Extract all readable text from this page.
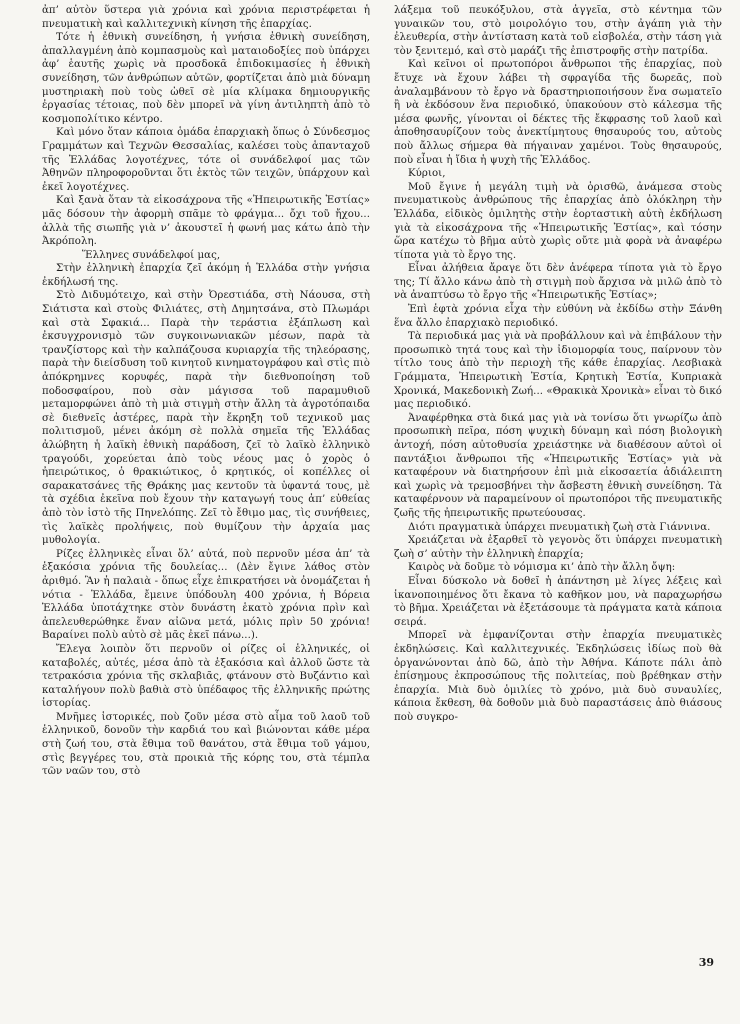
ἀπ’ αὐτὸν ὕστερα γιὰ χρόνια καὶ χρόνια περιστρέφεται ἡ πνευματικὴ καὶ καλλιτεχνικὴ κίνηση τῆς ἐπαρχίας.

Τότε ἡ ἐθνικὴ συνείδηση, ἡ γνήσια ἐθνικὴ συνείδηση, ἀπαλλαγμένη ἀπὸ κομπασμοὺς καὶ ματαιοδοξίες ποὺ ὑπάρχει ἀφ’ ἑαυτῆς χωρὶς νὰ προσδοκᾶ ἐπιδοκιμασίες ἡ ἐθνικὴ συνείδηση, τῶν ἀνθρώπων αὐτῶν, φορτίζεται ἀπὸ μιὰ δύναμη μυστηριακὴ ποὺ τοὺς ὠθεῖ σὲ μία κλίμακα δημιουργικῆς ἐργασίας τέτοιας, ποὺ δὲν μπορεῖ νὰ γίνη ἀντιληπτὴ ἀπὸ τὸ κοσμοπολίτικο κέντρο.

Καὶ μόνο ὅταν κάποια ὁμάδα ἐπαρχιακὴ ὅπως ὁ Σύνδεσμος Γραμμάτων καὶ Τεχνῶν Θεσσαλίας, καλέσει τοὺς ἁπανταχοῦ τῆς Ἑλλάδας λογοτέχνες, τότε οἱ συνάδελφοί μας τῶν Ἀθηνῶν πληροφοροῦνται ὅτι ἐκτὸς τῶν τειχῶν, ὑπάρχουν καὶ ἐκεῖ λογοτέχνες.

Καὶ ξανὰ ὅταν τὰ εἰκοσάχρονα τῆς «Ἠπειρωτικῆς Ἑστίας» μᾶς δόσουν τὴν ἀφορμὴ σπᾶμε τὸ φράγμα... ὄχι τοῦ ἤχου... ἀλλὰ τῆς σιωπῆς γιὰ ν’ ἀκουστεῖ ἡ φωνή μας κάτω ἀπὸ τὴν Ἀκρόπολη.

Ἕλληνες συνάδελφοί μας,

Στὴν ἑλληνικὴ ἐπαρχία ζεῖ ἀκόμη ἡ Ἑλλάδα στὴν γνήσια ἐκδήλωσή της.

Στὸ Διδυμότειχο, καὶ στὴν Ὀρεστιάδα, στὴ Νάουσα, στὴ Σιάτιστα καὶ στοὺς Φιλιάτες, στὴ Δημητσάνα, στὸ Πλωμάρι καὶ στὰ Σφακιά... Παρὰ τὴν τεράστια ἐξάπλωση καὶ ἐκσυγχρονισμὸ τῶν συγκοινωνιακῶν μέσων, παρὰ τὰ τρανζίστορς καὶ τὴν καλπάζουσα κυριαρχία τῆς τηλεόρασης, παρὰ τὴν διείσδυση τοῦ κινητοῦ κινηματογράφου καὶ στὶς πιὸ ἀπόκρημνες κορυφές, παρὰ τὴν διεθνοποίηση τοῦ ποδοσφαίρου, ποὺ σὰν μάγισσα τοῦ παραμυθιοῦ μεταμορφώνει ἀπὸ τὴ μιὰ στιγμὴ στὴν ἄλλη τὰ ἀγροτόπαιδα σὲ διεθνεῖς ἀστέρες, παρὰ τὴν ἔκρηξη τοῦ τεχνικοῦ μας πολιτισμοῦ, μένει ἀκόμη σὲ πολλὰ σημεῖα τῆς Ἑλλάδας ἀλώβητη ἡ λαϊκὴ ἐθνικὴ παράδοση, ζεῖ τὸ λαϊκὸ ἑλληνικὸ τραγούδι, χορεύεται ἀπὸ τοὺς νέους μας ὁ χορὸς ὁ ἠπειρώτικος, ὁ θρακιώτικος, ὁ κρητικός, οἱ κοπέλλες οἱ σαρακατσάνες τῆς Θράκης μας κεντοῦν τὰ ὑφαντά τους, μὲ τὰ σχέδια ἐκεῖνα ποὺ ἔχουν τὴν καταγωγή τους ἀπ’ εὐθείας ἀπὸ τὸν ἱστὸ τῆς Πηνελόπης. Ζεῖ τὸ ἔθιμο μας, τὶς συνήθειες, τὶς λαϊκὲς προλήψεις, ποὺ θυμίζουν τὴν ἀρχαία μας μυθολογία.

Ρίζες ἑλληνικὲς εἶναι ὅλ’ αὐτά, ποὺ περνοῦν μέσα ἀπ’ τὰ ἑξακόσια χρόνια τῆς δουλείας... (Δὲν ἔγινε λάθος στὸν ἀριθμό. Ἂν ἡ παλαιὰ - ὅπως εἶχε ἐπικρατήσει νὰ ὀνομάζεται ἡ νότια - Ἑλλάδα, ἔμεινε ὑπόδουλη 400 χρόνια, ἡ Βόρεια Ἑλλάδα ὑποτάχτηκε στὸν δυνάστη ἑκατὸ χρόνια πρὶν καὶ ἀπελευθερώθηκε ἕναν αἰῶνα μετά, μόλις πρὶν 50 χρόνια! Βαραίνει πολὺ αὐτὸ σὲ μᾶς ἐκεῖ πάνω...).

Ἔλεγα λοιπὸν ὅτι περνοῦν οἱ ρίζες οἱ ἑλληνικές, οἱ καταβολές, αὐτές, μέσα ἀπὸ τὰ ἑξακόσια καὶ ἀλλοῦ ὥστε τὰ τετρακόσια χρόνια τῆς σκλαβιᾶς, φτάνουν στὸ Βυζάντιο καὶ καταλήγουν πολὺ βαθιὰ στὸ ὑπέδαφος τῆς ἑλληνικῆς πρώτης ἱστορίας.

Μνῆμες ἱστορικές, ποὺ ζοῦν μέσα στὸ αἷμα τοῦ λαοῦ τοῦ ἑλληνικοῦ, δονοῦν τὴν καρδιά του καὶ βιώνονται κάθε μέρα στὴ ζωή του, στὰ ἔθιμα τοῦ θανάτου, στὰ ἔθιμα τοῦ γάμου, στὶς βεγγέρες του, στὰ προικιὰ τῆς κόρης του, στὰ τέμπλα τῶν ναῶν του, στὸ

λάξεμα τοῦ πευκόξυλου, στὰ ἀγγεῖα, στὸ κέντημα τῶν γυναικῶν του, στὸ μοιρολόγιο του, στὴν ἀγάπη γιὰ τὴν ἐλευθερία, στὴν ἀντίσταση κατὰ τοῦ εἰσβολέα, στὴν τάση γιὰ τὸν ξενιτεμό, καὶ στὸ μαράζι τῆς ἐπιστροφῆς στὴν πατρίδα.

Καὶ κεῖνοι οἱ πρωτοπόροι ἄνθρωποι τῆς ἐπαρχίας, ποὺ ἔτυχε νὰ ἔχουν λάβει τὴ σφραγίδα τῆς δωρεᾶς, ποὺ ἀναλαμβάνουν τὸ ἔργο νὰ δραστηριοποιήσουν ἕνα σωματεῖο ἢ νὰ ἐκδόσουν ἕνα περιοδικό, ὑπακούουν στὸ κάλεσμα τῆς μέσα φωνῆς, γίνονται οἱ δέκτες τῆς ἔκφρασης τοῦ λαοῦ καὶ ἀποθησαυρίζουν τοὺς ἀνεκτίμητους θησαυρούς του, αὐτοὺς ποὺ ἄλλως σήμερα θὰ πήγαιναν χαμένοι. Τοὺς θησαυρούς, ποὺ εἶναι ἡ ἴδια ἡ ψυχὴ τῆς Ἑλλάδος.

Κύριοι,

Μοῦ ἔγινε ἡ μεγάλη τιμὴ νὰ ὁρισθῶ, ἀνάμεσα στοὺς πνευματικοὺς ἀνθρώπους τῆς ἐπαρχίας ἀπὸ ὁλόκληρη τὴν Ἑλλάδα, εἰδικὸς ὁμιλητὴς στὴν ἑορταστικὴ αὐτὴ ἐκδήλωση γιὰ τὰ εἰκοσάχρονα τῆς «Ἠπειρωτικῆς Ἑστίας», καὶ τόσην ὥρα κατέχω τὸ βῆμα αὐτὸ χωρὶς οὔτε μιὰ φορὰ νὰ ἀναφέρω τίποτα γιὰ τὸ ἔργο της.

Εἶναι ἀλήθεια ἄραγε ὅτι δὲν ἀνέφερα τίποτα γιὰ τὸ ἔργο της; Τί ἄλλο κάνω ἀπὸ τὴ στιγμὴ ποὺ ἄρχισα νὰ μιλῶ ἀπὸ τὸ νὰ ἀναπτύσω τὸ ἔργο τῆς «Ἠπειρωτικῆς Ἑστίας»;

Ἐπὶ ἑφτὰ χρόνια εἶχα τὴν εὐθύνη νὰ ἐκδίδω στὴν Ξάνθη ἕνα ἄλλο ἐπαρχιακὸ περιοδικό.

Τὰ περιοδικά μας γιὰ νὰ προβάλλουν καὶ νὰ ἐπιβάλουν τὴν προσωπικὸ τητά τους καὶ τὴν ἰδιομορφία τους, παίρνουν τὸν τίτλο τους ἀπὸ τὴν περιοχὴ τῆς κάθε ἐπαρχίας. Λεσβιακὰ Γράμματα, Ἠπειρωτικὴ Ἑστία, Κρητικὴ Ἑστία, Κυπριακὰ Χρονικά, Μακεδονικὴ Ζωή... «Θρακικὰ Χρονικὰ» εἶναι τὸ δικό μας περιοδικό.

Ἀναφέρθηκα στὰ δικά μας γιὰ νὰ τονίσω ὅτι γνωρίζω ἀπὸ προσωπικὴ πεῖρα, πόση ψυχικὴ δύναμη καὶ πόση βιολογικὴ ἀντοχή, πόση αὐτοθυσία χρειάστηκε νὰ διαθέσουν αὐτοὶ οἱ παντάξιοι ἄνθρωποι τῆς «Ἠπειρωτικῆς Ἑστίας» γιὰ νὰ καταφέρουν νὰ διατηρήσουν ἐπὶ μιὰ εἰκοσαετία ἀδιάλειπτη καὶ χωρὶς νὰ τρεμοσβήνει τὴν ἄσβεστη ἐθνικὴ συνείδηση. Τὰ καταφέρνουν νὰ παραμείνουν οἱ πρωτοπόροι τῆς πνευματικῆς ζωῆς τῆς ἠπειρωτικῆς πρωτεύουσας.

Διότι πραγματικὰ ὑπάρχει πνευματικὴ ζωὴ στὰ Γιάννινα.

Χρειάζεται νὰ ἐξαρθεῖ τὸ γεγονὸς ὅτι ὑπάρχει πνευματικὴ ζωὴ σ’ αὐτὴν τὴν ἑλληνικὴ ἐπαρχία;

Καιρὸς νὰ δοῦμε τὸ νόμισμα κι’ ἀπὸ τὴν ἄλλη ὄψη:

Εἶναι δύσκολο νὰ δοθεῖ ἡ ἀπάντηση μὲ λίγες λέξεις καὶ ἱκανοποιημένος ὅτι ἔκανα τὸ καθῆκον μου, νὰ παραχωρήσω τὸ βῆμα. Χρειάζεται νὰ ἐξετάσουμε τὰ πράγματα κατὰ κάποια σειρά.

Μπορεῖ νὰ ἐμφανίζονται στὴν ἐπαρχία πνευματικὲς ἐκδηλώσεις. Καὶ καλλιτεχνικές. Ἐκδηλώσεις ἰδίως ποὺ θὰ ὀργανώνονται ἀπὸ δῶ, ἀπὸ τὴν Ἀθήνα. Κάποτε πάλι ἀπὸ ἐπίσημους ἐκπροσώπους τῆς πολιτείας, ποὺ βρέθηκαν στὴν ἐπαρχία. Μιὰ δυὸ ὁμιλίες τὸ χρόνο, μιὰ δυὸ συναυλίες, κάποια ἔκθεση, θὰ δοθοῦν μιὰ δυὸ παραστάσεις ἀπὸ θιάσους ποὺ συγκρο-

39
